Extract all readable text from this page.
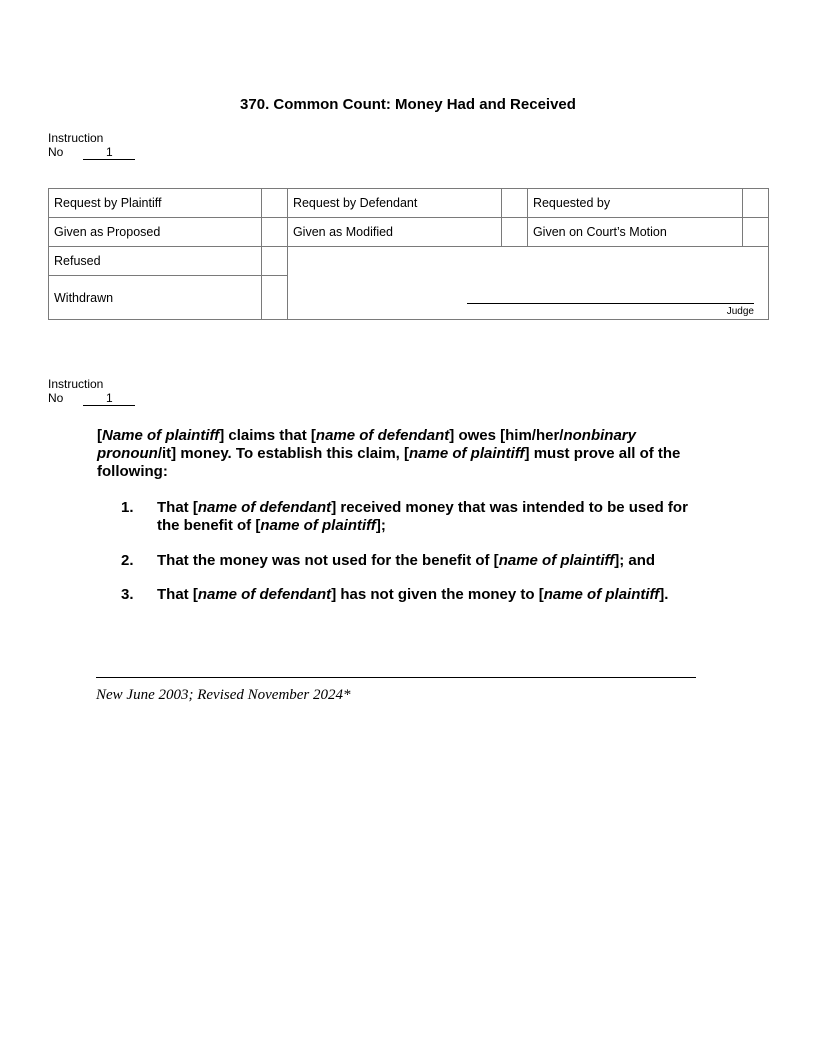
370. Common Count: Money Had and Received
Instruction
No	1
Request by Plaintiff		Request by Defendant		Requested by	
Given as Proposed		Given as Modified		Given on Court’s Motion	
Refused		Judge			

Withdrawn					
Instruction
No	1
[Name of plaintiff] claims that [name of defendant] owes [him/her/nonbinary pronoun/it] money. To establish this claim, [name of plaintiff] must prove all of the following:
1. That [name of defendant] received money that was intended to be used for the benefit of [name of plaintiff];
2. That the money was not used for the benefit of [name of plaintiff]; and
3. That [name of defendant] has not given the money to [name of plaintiff].
New June 2003; Revised November 2024*
